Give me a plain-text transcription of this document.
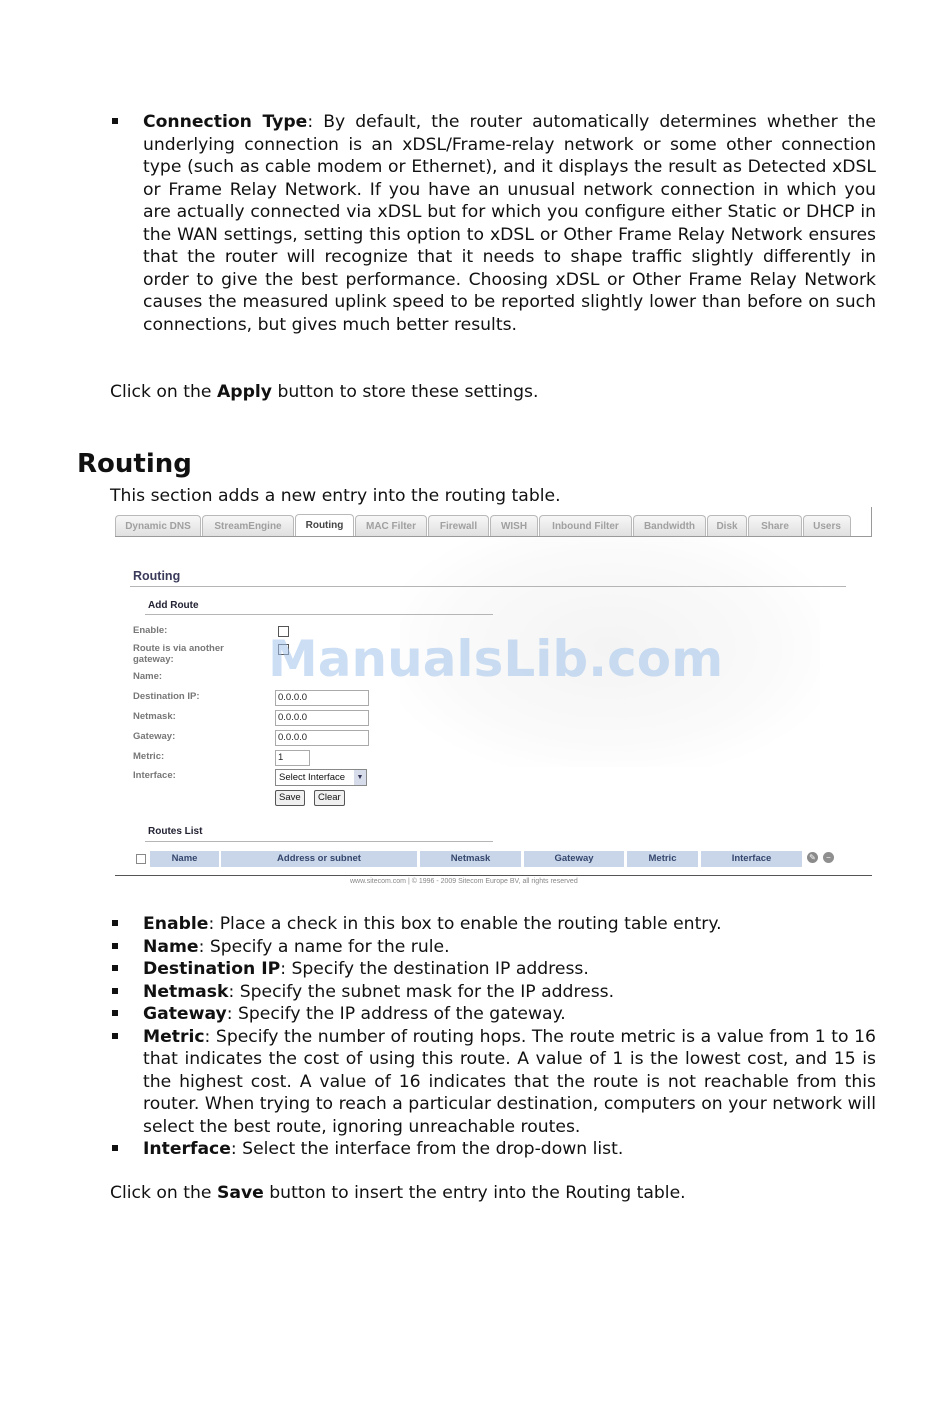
Connection Type: By default, the router automatically determines whether the underlying connection is an xDSL/Frame-relay network or some other connection type (such as cable modem or Ethernet), and it displays the result as Detected xDSL or Frame Relay Network. If you have an unusual network connection in which you are actually connected via xDSL but for which you configure either Static or DHCP in the WAN settings, setting this option to xDSL or Other Frame Relay Network ensures that the router will recognize that it needs to shape traffic slightly differently in order to give the best performance. Choosing xDSL or Other Frame Relay Network causes the measured uplink speed to be reported slightly lower than before on such connections, but gives much better results.
Click on the Apply button to store these settings.
Routing
This section adds a new entry into the routing table.
Dynamic DNS	StreamEngine	Routing	MAC Filter	Firewall	WISH	Inbound Filter	Bandwidth	Disk	Share	Users
Routing
Add Route
Enable:
Route is via another gateway:
Name:
Destination IP:	0.0.0.0
Netmask:	0.0.0.0
Gateway:	0.0.0.0
Metric:	1
Interface:	Select Interface	▼
Save	Clear
Routes List
Name	Address or subnet	Netmask	Gateway	Metric	Interface	✎	−
www.sitecom.com | © 1996 - 2009 Sitecom Europe BV, all rights reserved
ManualsLib.com
Enable: Place a check in this box to enable the routing table entry.
Name: Specify a name for the rule.
Destination IP: Specify the destination IP address.
Netmask: Specify the subnet mask for the IP address.
Gateway: Specify the IP address of the gateway.
Metric: Specify the number of routing hops. The route metric is a value from 1 to 16 that indicates the cost of using this route. A value of 1 is the lowest cost, and 15 is the highest cost. A value of 16 indicates that the route is not reachable from this router. When trying to reach a particular destination, computers on your network will select the best route, ignoring unreachable routes.
Interface: Select the interface from the drop-down list.
Click on the Save button to insert the entry into the Routing table.
